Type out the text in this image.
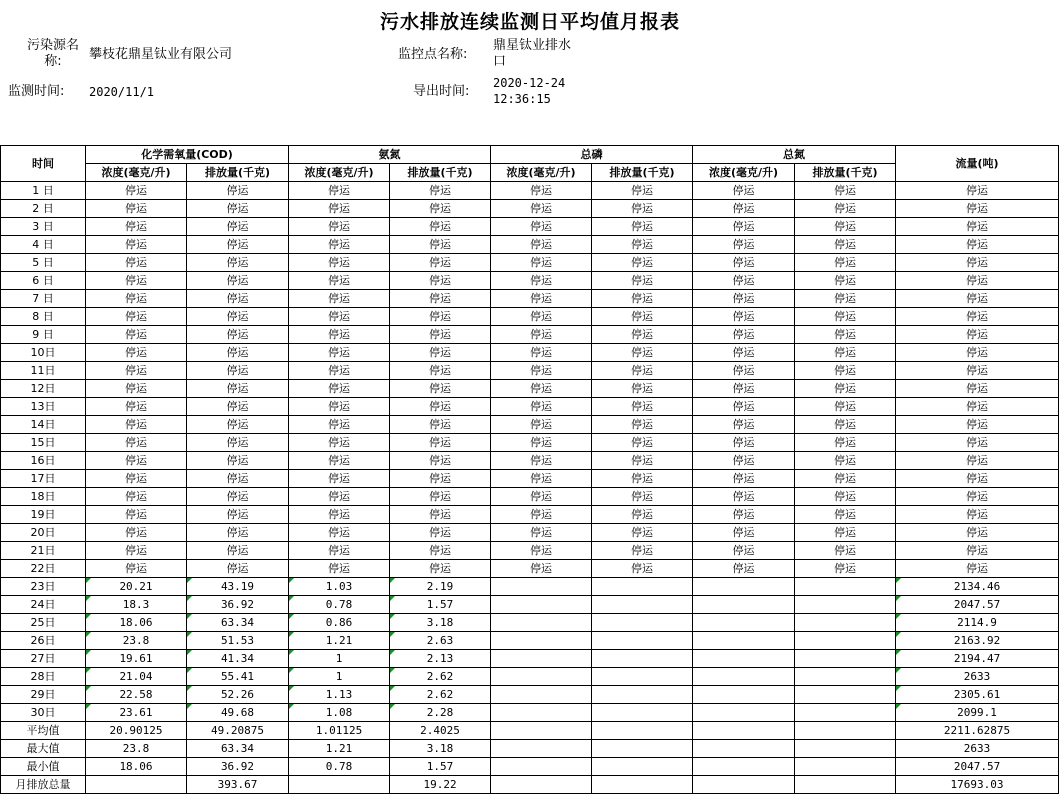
污水排放连续监测日平均值月报表
污染源名
称:	攀枝花鼎星钛业有限公司	监控点名称:
鼎星钛业排水
口
监测时间: 2020/11/1	导出时间:
2020-12-24
12:36:15
时间	化学需氧量(COD)		氨氮		总磷		总氮		流量(吨)
	浓度(毫克/升)	排放量(千克)	浓度(毫克/升)	排放量(千克)	浓度(毫克/升)	排放量(千克)	浓度(毫克/升)	排放量(千克)	
1 日	停运	停运	停运	停运	停运	停运	停运	停运	停运
2 日	停运	停运	停运	停运	停运	停运	停运	停运	停运
3 日	停运	停运	停运	停运	停运	停运	停运	停运	停运
4 日	停运	停运	停运	停运	停运	停运	停运	停运	停运
5 日	停运	停运	停运	停运	停运	停运	停运	停运	停运
6 日	停运	停运	停运	停运	停运	停运	停运	停运	停运
7 日	停运	停运	停运	停运	停运	停运	停运	停运	停运
8 日	停运	停运	停运	停运	停运	停运	停运	停运	停运
9 日	停运	停运	停运	停运	停运	停运	停运	停运	停运
10日	停运	停运	停运	停运	停运	停运	停运	停运	停运
11日	停运	停运	停运	停运	停运	停运	停运	停运	停运
12日	停运	停运	停运	停运	停运	停运	停运	停运	停运
13日	停运	停运	停运	停运	停运	停运	停运	停运	停运
14日	停运	停运	停运	停运	停运	停运	停运	停运	停运
15日	停运	停运	停运	停运	停运	停运	停运	停运	停运
16日	停运	停运	停运	停运	停运	停运	停运	停运	停运
17日	停运	停运	停运	停运	停运	停运	停运	停运	停运
18日	停运	停运	停运	停运	停运	停运	停运	停运	停运
19日	停运	停运	停运	停运	停运	停运	停运	停运	停运
20日	停运	停运	停运	停运	停运	停运	停运	停运	停运
21日	停运	停运	停运	停运	停运	停运	停运	停运	停运
22日	停运	停运	停运	停运	停运	停运	停运	停运	停运
23日	20.21	43.19	1.03	2.19					2134.46
24日	18.3	36.92	0.78	1.57					2047.57
25日	18.06	63.34	0.86	3.18					2114.9
26日	23.8	51.53	1.21	2.63					2163.92
27日	19.61	41.34	1	2.13					2194.47
28日	21.04	55.41	1	2.62					2633
29日	22.58	52.26	1.13	2.62					2305.61
30日	23.61	49.68	1.08	2.28					2099.1
平均值	20.90125	49.20875	1.01125	2.4025					2211.62875
最大值	23.8	63.34	1.21	3.18					2633
最小值	18.06	36.92	0.78	1.57					2047.57
月排放总量		393.67		19.22					17693.03
